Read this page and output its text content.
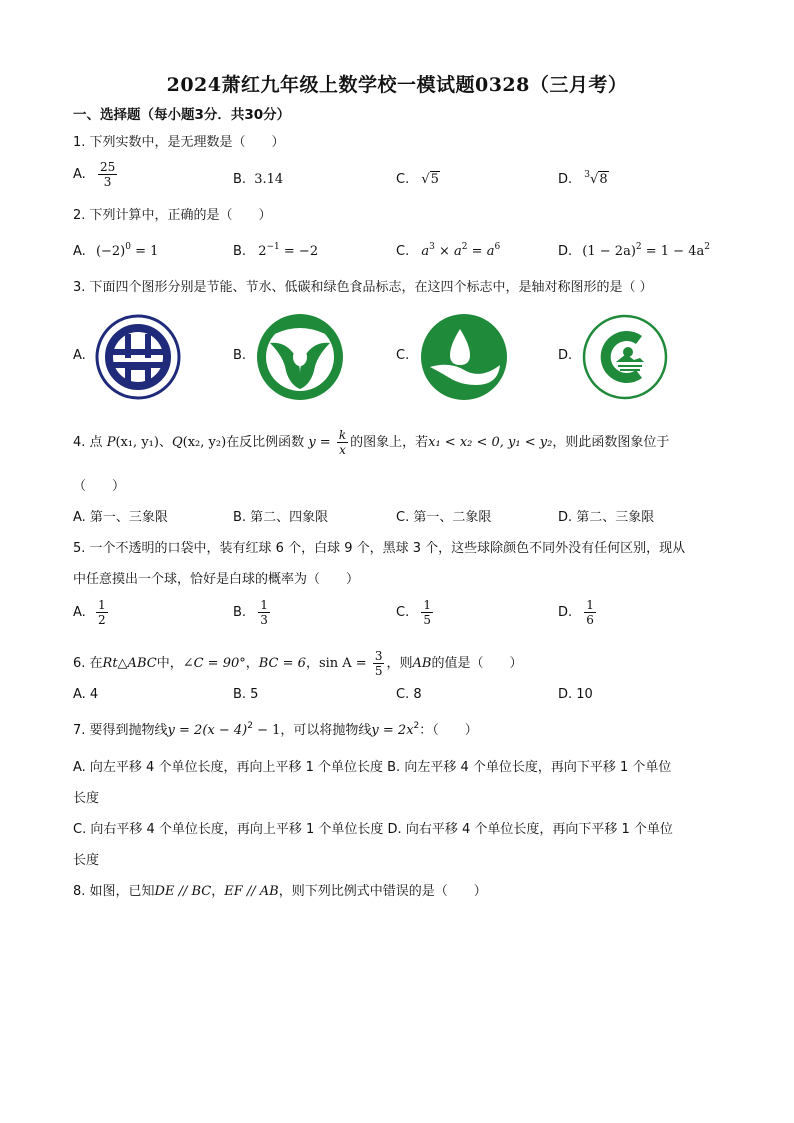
2024萧红九年级上数学校一模试题0328（三月考）
一、选择题（每小题3分．共30分）
1. 下列实数中，是无理数是（　　）
A. $\frac{25}{3}$	B. 3.14	C. √5	D. $^3$√8
2. 下列计算中，正确的是（　　）
A. $(-2)^0 = 1$	B. $2^{-1} = -2$	C. $a^3 \times a^2 = a^6$	D. $(1 - 2a)^2 = 1 - 4a^2$
3. 下面四个图形分别是节能、节水、低碳和绿色食品标志，在这四个标志中，是轴对称图形的是（ ）
A.	B.	C.	D.
4. 点 P(x₁, y₁)、Q(x₂, y₂)在反比例函数 $y = \frac{k}{x}$ 的图象上，若x₁ < x₂ < 0, y₁ < y₂，则此函数图象位于
（　　）
A. 第一、三象限	B. 第二、四象限	C. 第一、二象限	D. 第二、三象限
5. 一个不透明的口袋中，装有红球 6 个，白球 9 个，黑球 3 个，这些球除颜色不同外没有任何区别，现从
中任意摸出一个球，恰好是白球的概率为（　　）
A. $\frac{1}{2}$	B. $\frac{1}{3}$	C. $\frac{1}{5}$	D. $\frac{1}{6}$
6. 在Rt△ABC中，∠C = 90°，BC = 6，$\sin A = \frac{3}{5}$ ，则AB的值是（　　）
A. 4	B. 5	C. 8	D. 10
7. 要得到抛物线$y = 2(x - 4)^2 - 1$，可以将抛物线$y = 2x^2$：（　　）
A. 向左平移 4 个单位长度，再向上平移 1 个单位长度 B. 向左平移 4 个单位长度，再向下平移 1 个单位
长度
C. 向右平移 4 个单位长度，再向上平移 1 个单位长度 D. 向右平移 4 个单位长度，再向下平移 1 个单位
长度
8. 如图，已知DE // BC，EF // AB，则下列比例式中错误的是（　　）
